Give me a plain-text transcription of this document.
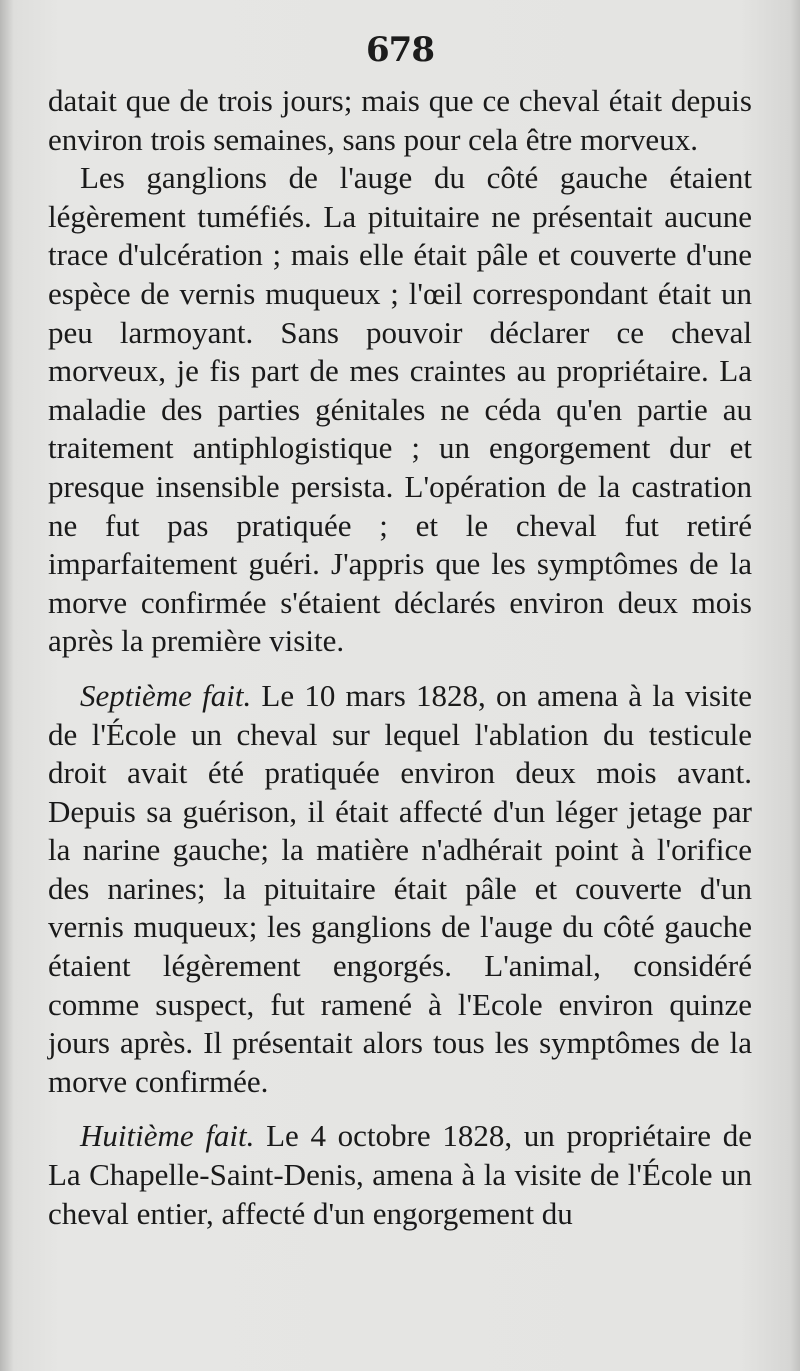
678

datait que de trois jours; mais que ce cheval était depuis environ trois semaines, sans pour cela être morveux.

Les ganglions de l'auge du côté gauche étaient légèrement tuméfiés. La pituitaire ne présentait aucune trace d'ulcération ; mais elle était pâle et couverte d'une espèce de vernis muqueux ; l'œil correspondant était un peu larmoyant. Sans pouvoir déclarer ce cheval morveux, je fis part de mes craintes au propriétaire. La maladie des parties génitales ne céda qu'en partie au traitement antiphlogistique ; un engorgement dur et presque insensible persista. L'opération de la castration ne fut pas pratiquée ; et le cheval fut retiré imparfaitement guéri. J'appris que les symptômes de la morve confirmée s'étaient déclarés environ deux mois après la première visite.

Septième fait. Le 10 mars 1828, on amena à la visite de l'École un cheval sur lequel l'ablation du testicule droit avait été pratiquée environ deux mois avant. Depuis sa guérison, il était affecté d'un léger jetage par la narine gauche; la matière n'adhérait point à l'orifice des narines; la pituitaire était pâle et couverte d'un vernis muqueux; les ganglions de l'auge du côté gauche étaient légèrement engorgés. L'animal, considéré comme suspect, fut ramené à l'Ecole environ quinze jours après. Il présentait alors tous les symptômes de la morve confirmée.

Huitième fait. Le 4 octobre 1828, un propriétaire de La Chapelle-Saint-Denis, amena à la visite de l'École un cheval entier, affecté d'un engorgement du
